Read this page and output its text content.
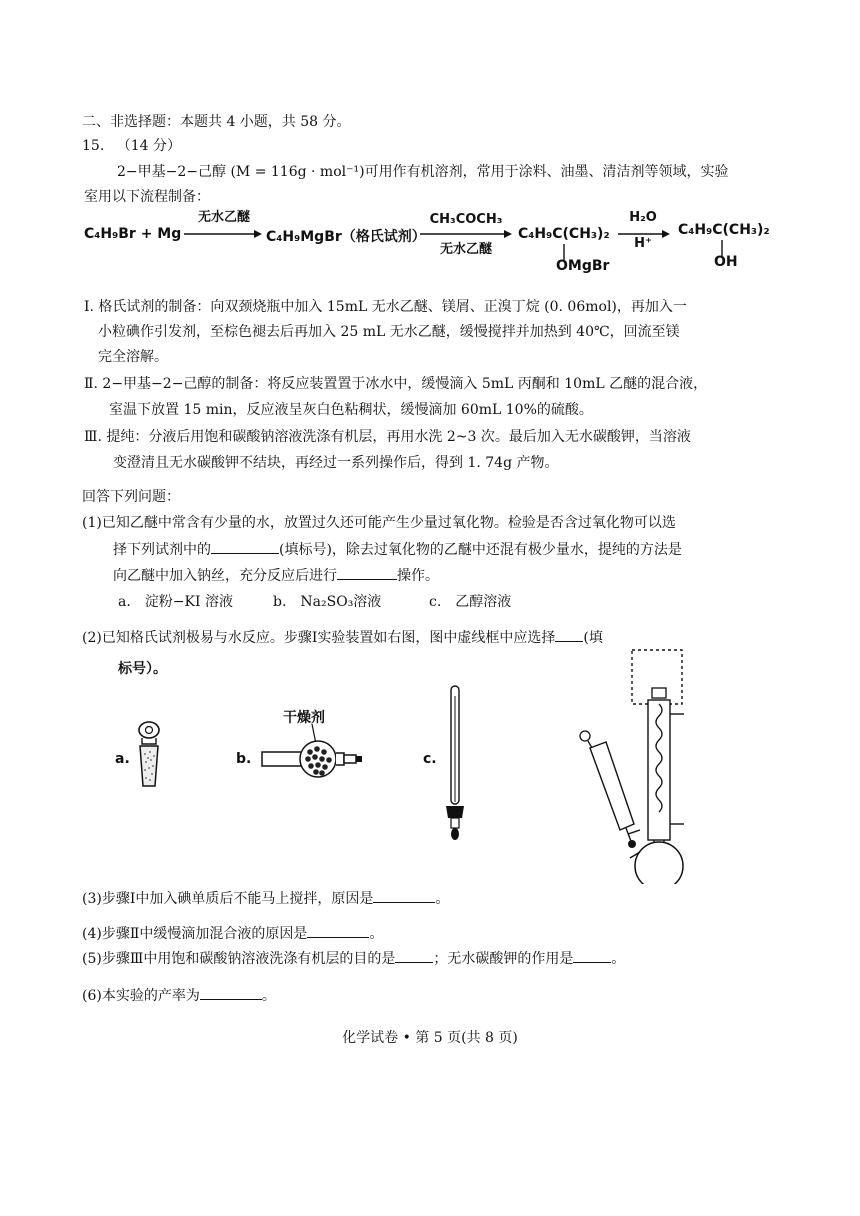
二、非选择题：本题共 4 小题，共 58 分。
15. （14 分）
2−甲基−2−己醇 (M = 116g · mol⁻¹)可用作有机溶剂，常用于涂料、油墨、清洁剂等领域，实验
室用以下流程制备：
C₄H₉Br + Mg
无水乙醚
C₄H₉MgBr（格氏试剂）
CH₃COCH₃
无水乙醚
C₄H₉C(CH₃)₂
OMgBr
H₂O
H⁺
C₄H₉C(CH₃)₂
OH
Ⅰ. 格氏试剂的制备：向双颈烧瓶中加入 15mL 无水乙醚、镁屑、正溴丁烷 (0. 06mol)，再加入一
小粒碘作引发剂，至棕色褪去后再加入 25 mL 无水乙醚，缓慢搅拌并加热到 40℃，回流至镁
完全溶解。
Ⅱ. 2−甲基−2−己醇的制备：将反应装置置于冰水中，缓慢滴入 5mL 丙酮和 10mL 乙醚的混合液，
室温下放置 15 min，反应液呈灰白色粘稠状，缓慢滴加 60mL 10%的硫酸。
Ⅲ. 提纯：分液后用饱和碳酸钠溶液洗涤有机层，再用水洗 2~3 次。最后加入无水碳酸钾，当溶液
变澄清且无水碳酸钾不结块，再经过一系列操作后，得到 1. 74g 产物。
回答下列问题：
(1)已知乙醚中常含有少量的水，放置过久还可能产生少量过氧化物。检验是否含过氧化物可以选
择下列试剂中的	(填标号)，除去过氧化物的乙醚中还混有极少量水，提纯的方法是
向乙醚中加入钠丝，充分反应后进行	操作。
a.　淀粉−KI 溶液	b.　Na₂SO₃溶液	c.　乙醇溶液
(2)已知格氏试剂极易与水反应。步骤Ⅰ实验装置如右图，图中虚线框中应选择 (填
标号）。
a.	b.
干燥剂
c.
(3)步骤Ⅰ中加入碘单质后不能马上搅拌，原因是	。
(4)步骤Ⅱ中缓慢滴加混合液的原因是	。
(5)步骤Ⅲ中用饱和碳酸钠溶液洗涤有机层的目的是	；无水碳酸钾的作用是	。
(6)本实验的产率为	。
化学试卷 • 第 5 页(共 8 页)
